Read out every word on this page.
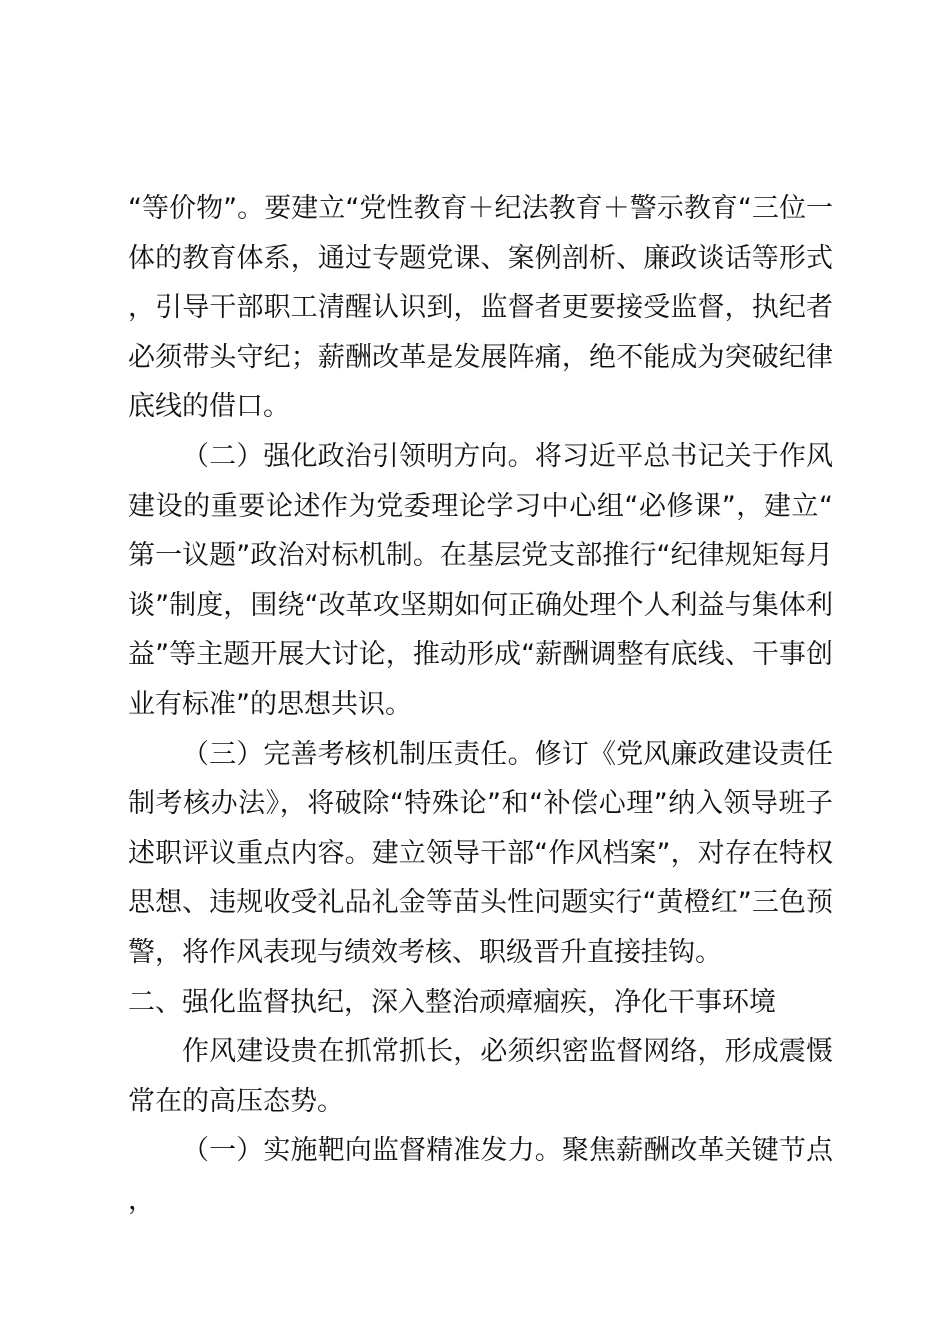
“等价物”。要建立“党性教育＋纪法教育＋警示教育“三位一体的教育体系，通过专题党课、案例剖析、廉政谈话等形式，引导干部职工清醒认识到，监督者更要接受监督，执纪者必须带头守纪；薪酬改革是发展阵痛，绝不能成为突破纪律底线的借口。

（二）强化政治引领明方向。将习近平总书记关于作风建设的重要论述作为党委理论学习中心组“必修课”，建立“第一议题”政治对标机制。在基层党支部推行“纪律规矩每月谈”制度，围绕“改革攻坚期如何正确处理个人利益与集体利益”等主题开展大讨论，推动形成“薪酬调整有底线、干事创业有标准”的思想共识。

（三）完善考核机制压责任。修订《党风廉政建设责任制考核办法》，将破除“特殊论”和“补偿心理”纳入领导班子述职评议重点内容。建立领导干部“作风档案”，对存在特权思想、违规收受礼品礼金等苗头性问题实行“黄橙红”三色预警，将作风表现与绩效考核、职级晋升直接挂钩。

二、强化监督执纪，深入整治顽瘴痼疾，净化干事环境

作风建设贵在抓常抓长，必须织密监督网络，形成震慑常在的高压态势。

（一）实施靶向监督精准发力。聚焦薪酬改革关键节点，
